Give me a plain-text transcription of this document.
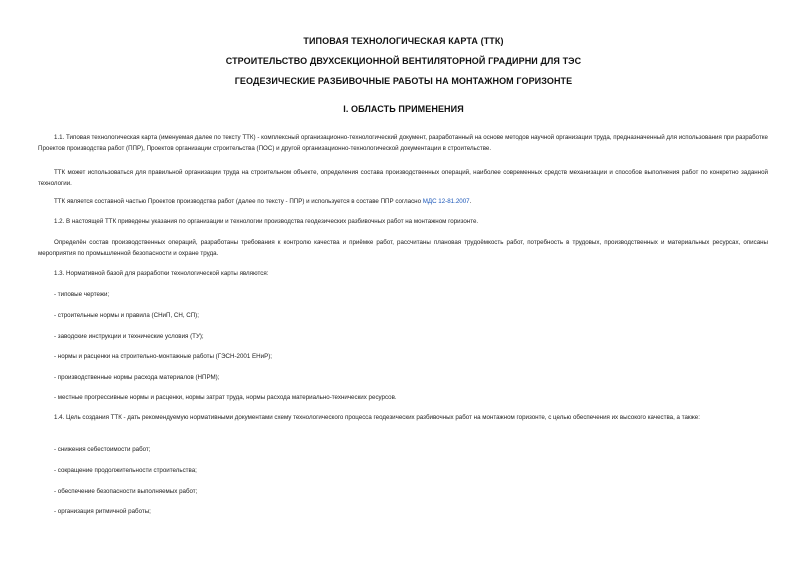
ТИПОВАЯ ТЕХНОЛОГИЧЕСКАЯ КАРТА (ТТК)
СТРОИТЕЛЬСТВО ДВУХСЕКЦИОННОЙ ВЕНТИЛЯТОРНОЙ ГРАДИРНИ ДЛЯ ТЭС
ГЕОДЕЗИЧЕСКИЕ РАЗБИВОЧНЫЕ РАБОТЫ НА МОНТАЖНОМ ГОРИЗОНТЕ
I. ОБЛАСТЬ ПРИМЕНЕНИЯ
1.1. Типовая технологическая карта (именуемая далее по тексту ТТК) - комплексный организационно-технологический документ, разработанный на основе методов научной организации труда, предназначенный для использования при разработке Проектов производства работ (ППР), Проектов организации строительства (ПОС) и другой организационно-технологической документации в строительстве.
ТТК может использоваться для правильной организации труда на строительном объекте, определения состава производственных операций, наиболее современных средств механизации и способов выполнения работ по конкретно заданной технологии.
ТТК является составной частью Проектов производства работ (далее по тексту - ППР) и используется в составе ППР согласно МДС 12-81.2007.
1.2. В настоящей ТТК приведены указания по организации и технологии производства геодезических разбивочных работ на монтажном горизонте.
Определён состав производственных операций, разработаны требования к контролю качества и приёмке работ, рассчитаны плановая трудоёмкость работ, потребность в трудовых, производственных и материальных ресурсах, описаны мероприятия по промышленной безопасности и охране труда.
1.3. Нормативной базой для разработки технологической карты являются:
- типовые чертежи;
- строительные нормы и правила (СНиП, СН, СП);
- заводские инструкции и технические условия (ТУ);
- нормы и расценки на строительно-монтажные работы (ГЭСН-2001 ЕНиР);
- производственные нормы расхода материалов (НПРМ);
- местные прогрессивные нормы и расценки, нормы затрат труда, нормы расхода материально-технических ресурсов.
1.4. Цель создания ТТК - дать рекомендуемую нормативными документами схему технологического процесса геодезических разбивочных работ на монтажном горизонте, с целью обеспечения их высокого качества, а также:
- снижения себестоимости работ;
- сокращение продолжительности строительства;
- обеспечение безопасности выполняемых работ;
- организация ритмичной работы;
